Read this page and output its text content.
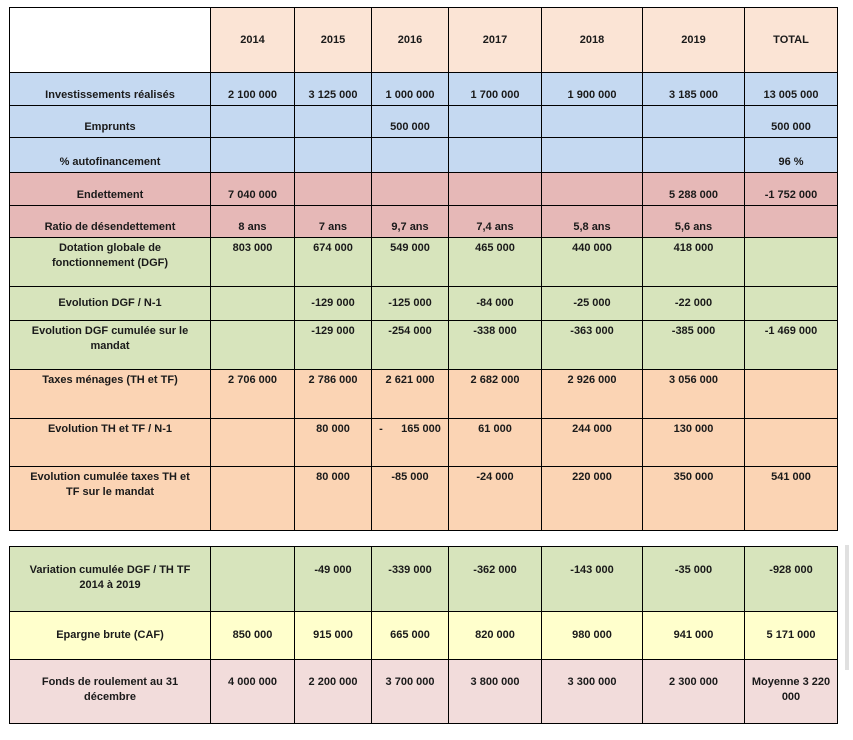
	2014	2015	2016	2017	2018	2019	TOTAL
Investissements réalisés	2 100 000	3 125 000	1 000 000	1 700 000	1 900 000	3 185 000	13 005 000
Emprunts			500 000				500 000
% autofinancement							96 %
Endettement	7 040 000					5 288 000	-1 752 000
Ratio de désendettement	8 ans	7 ans	9,7 ans	7,4 ans	5,8 ans	5,6 ans	
Dotation globale de fonctionnement (DGF)	803 000	674 000	549 000	465 000	440 000	418 000	
Evolution DGF / N-1		-129 000	-125 000	-84 000	-25 000	-22 000	
Evolution DGF cumulée sur le mandat		-129 000	-254 000	-338 000	-363 000	-385 000	-1 469 000
Taxes ménages (TH et TF)	2 706 000	2 786 000	2 621 000	2 682 000	2 926 000	3 056 000	
Evolution TH et TF / N-1		80 000	-      165 000	61 000	244 000	130 000	
Evolution cumulée taxes TH et TF sur le mandat		80 000	-85 000	-24 000	220 000	350 000	541 000
Variation cumulée DGF / TH TF 2014 à 2019		-49 000	-339 000	-362 000	-143 000	-35 000	-928 000
Epargne brute (CAF)	850 000	915 000	665 000	820 000	980 000	941 000	5 171 000
Fonds de roulement au 31 décembre	4 000 000	2 200 000	3 700 000	3 800 000	3 300 000	2 300 000	Moyenne 3 220 000
